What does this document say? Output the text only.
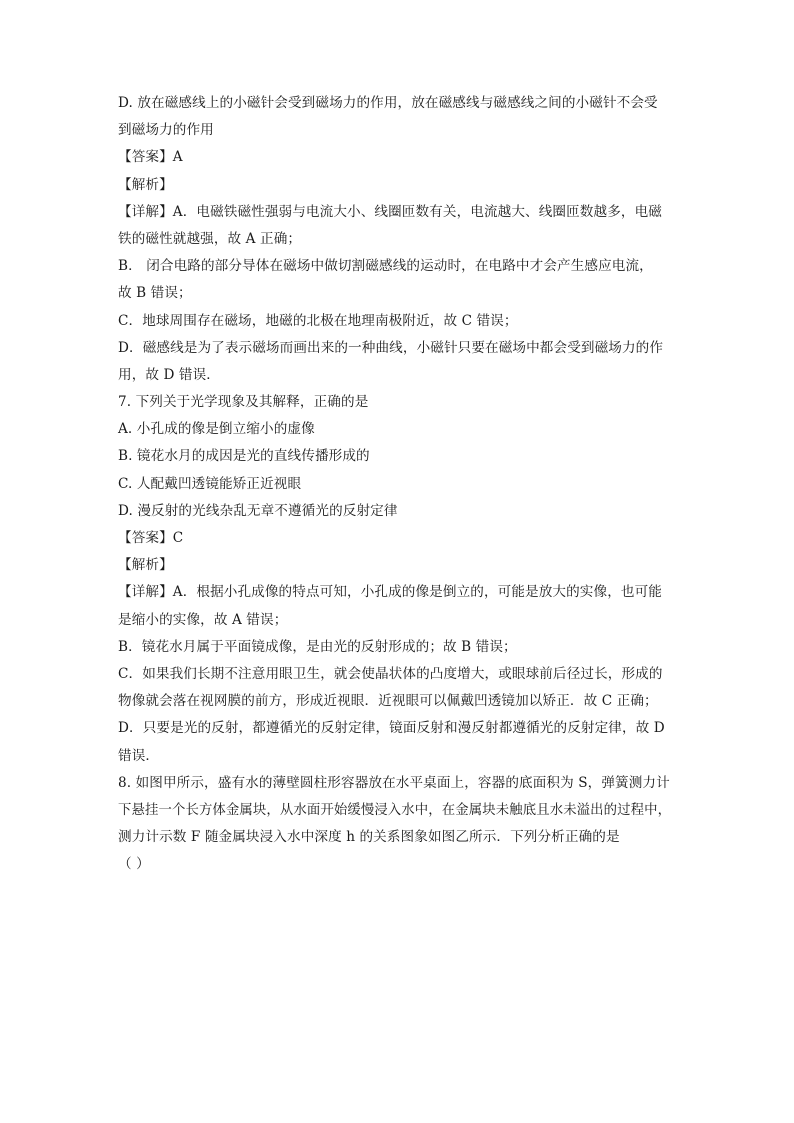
D. 放在磁感线上的小磁针会受到磁场力的作用，放在磁感线与磁感线之间的小磁针不会受
到磁场力的作用
【答案】A
【解析】
【详解】A．电磁铁磁性强弱与电流大小、线圈匝数有关，电流越大、线圈匝数越多，电磁
铁的磁性就越强，故 A 正确；
B． 闭合电路的部分导体在磁场中做切割磁感线的运动时，在电路中才会产生感应电流，
故 B 错误；
C．地球周围存在磁场，地磁的北极在地理南极附近，故 C 错误；
D．磁感线是为了表示磁场而画出来的一种曲线，小磁针只要在磁场中都会受到磁场力的作
用，故 D 错误．
7. 下列关于光学现象及其解释，正确的是
A. 小孔成的像是倒立缩小的虚像
B. 镜花水月的成因是光的直线传播形成的
C. 人配戴凹透镜能矫正近视眼
D. 漫反射的光线杂乱无章不遵循光的反射定律
【答案】C
【解析】
【详解】A．根据小孔成像的特点可知，小孔成的像是倒立的，可能是放大的实像，也可能
是缩小的实像，故 A 错误；
B．镜花水月属于平面镜成像，是由光的反射形成的；故 B 错误；
C．如果我们长期不注意用眼卫生，就会使晶状体的凸度增大，或眼球前后径过长，形成的
物像就会落在视网膜的前方，形成近视眼．近视眼可以佩戴凹透镜加以矫正．故 C 正确；
D．只要是光的反射，都遵循光的反射定律，镜面反射和漫反射都遵循光的反射定律，故 D
错误．
8. 如图甲所示，盛有水的薄壁圆柱形容器放在水平桌面上，容器的底面积为 S，弹簧测力计
下悬挂一个长方体金属块，从水面开始缓慢浸入水中，在金属块未触底且水未溢出的过程中，
测力计示数 F 随金属块浸入水中深度 h 的关系图象如图乙所示．下列分析正确的是
（ ）
